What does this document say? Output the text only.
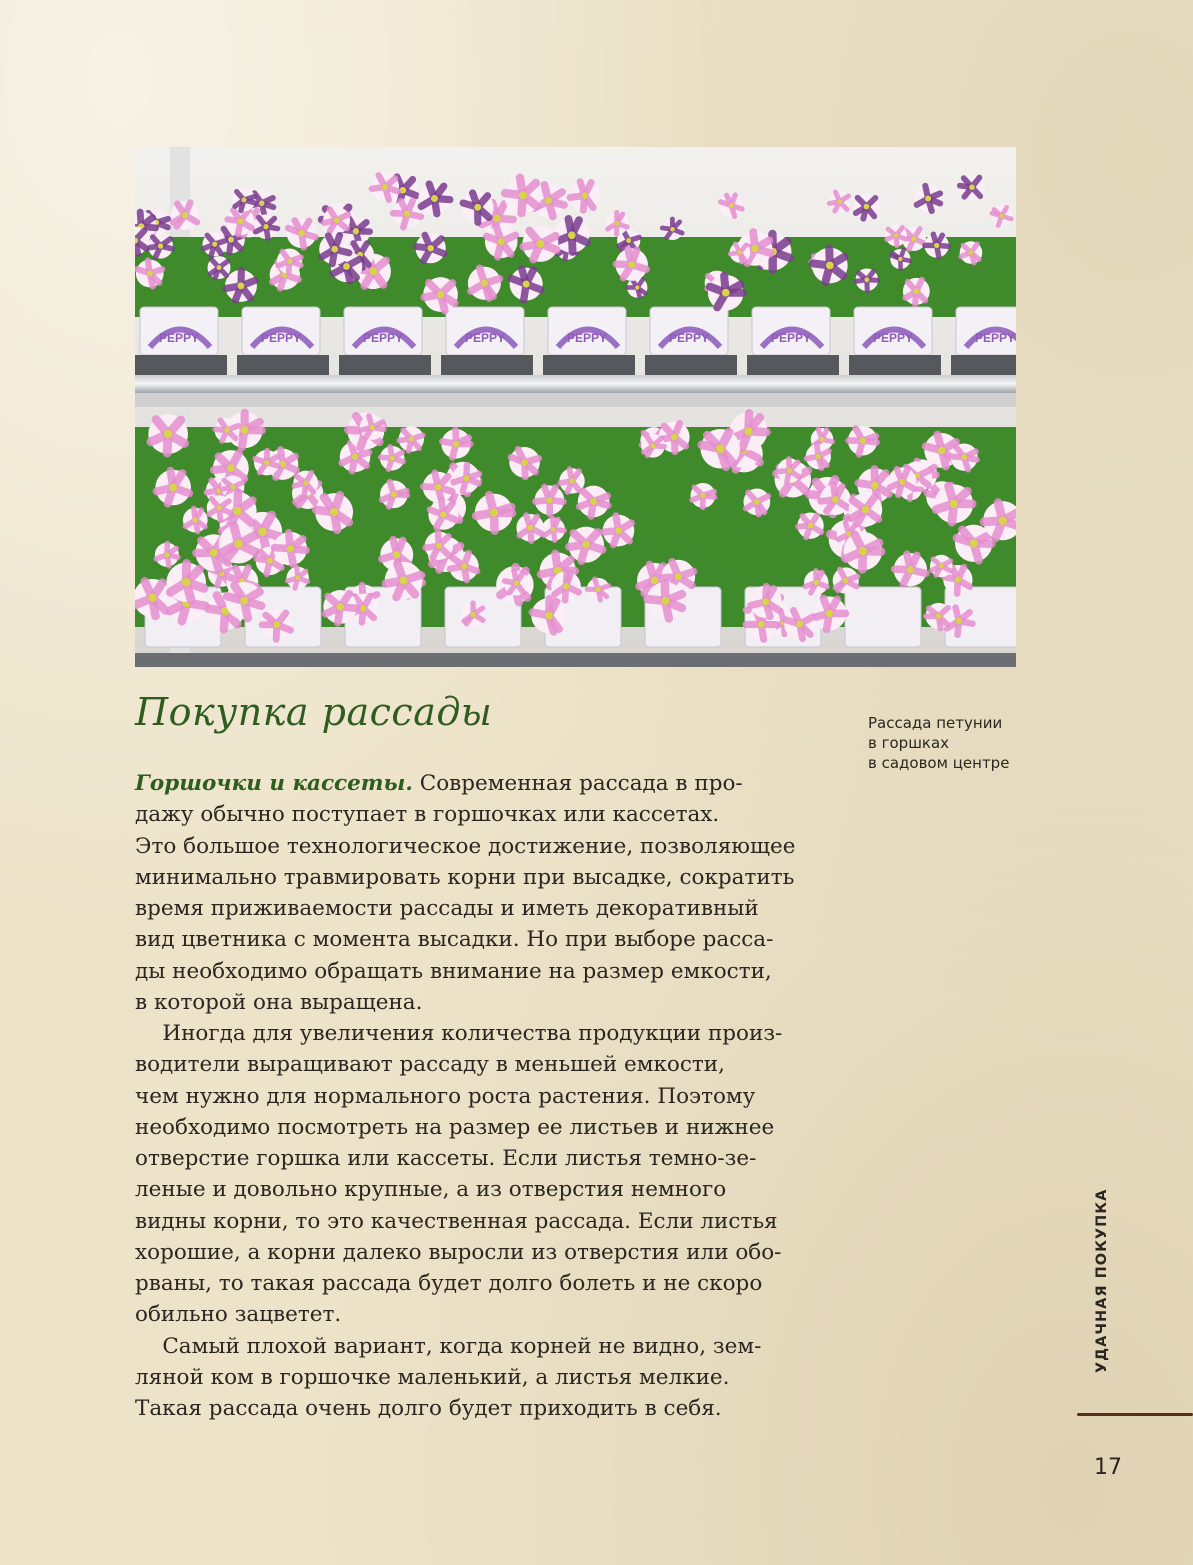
PEPPY	PEPPY	PEPPY	PEPPY	PEPPY	PEPPY	PEPPY	PEPPY	PEPPY
Покупка рассады	Рассада петунии
в горшках
в садовом центре
Горшочки и кассеты. Современная рассада в про-
дажу обычно поступает в горшочках или кассетах.
Это большое технологическое достижение, позволяющее
минимально травмировать корни при высадке, сократить
время приживаемости рассады и иметь декоративный
вид цветника с момента высадки. Но при выборе расса-
ды необходимо обращать внимание на размер емкости,
в которой она выращена.
Иногда для увеличения количества продукции произ-
водители выращивают рассаду в меньшей емкости,
чем нужно для нормального роста растения. Поэтому
необходимо посмотреть на размер ее листьев и нижнее
отверстие горшка или кассеты. Если листья темно-зе-
леные и довольно крупные, а из отверстия немного
видны корни, то это качественная рассада. Если листья
хорошие, а корни далеко выросли из отверстия или обо-
рваны, то такая рассада будет долго болеть и не скоро
обильно зацветет.
Самый плохой вариант, когда корней не видно, зем-
ляной ком в горшочке маленький, а листья мелкие.
Такая рассада очень долго будет приходить в себя.
УДАЧНАЯ ПОКУПКА
17
